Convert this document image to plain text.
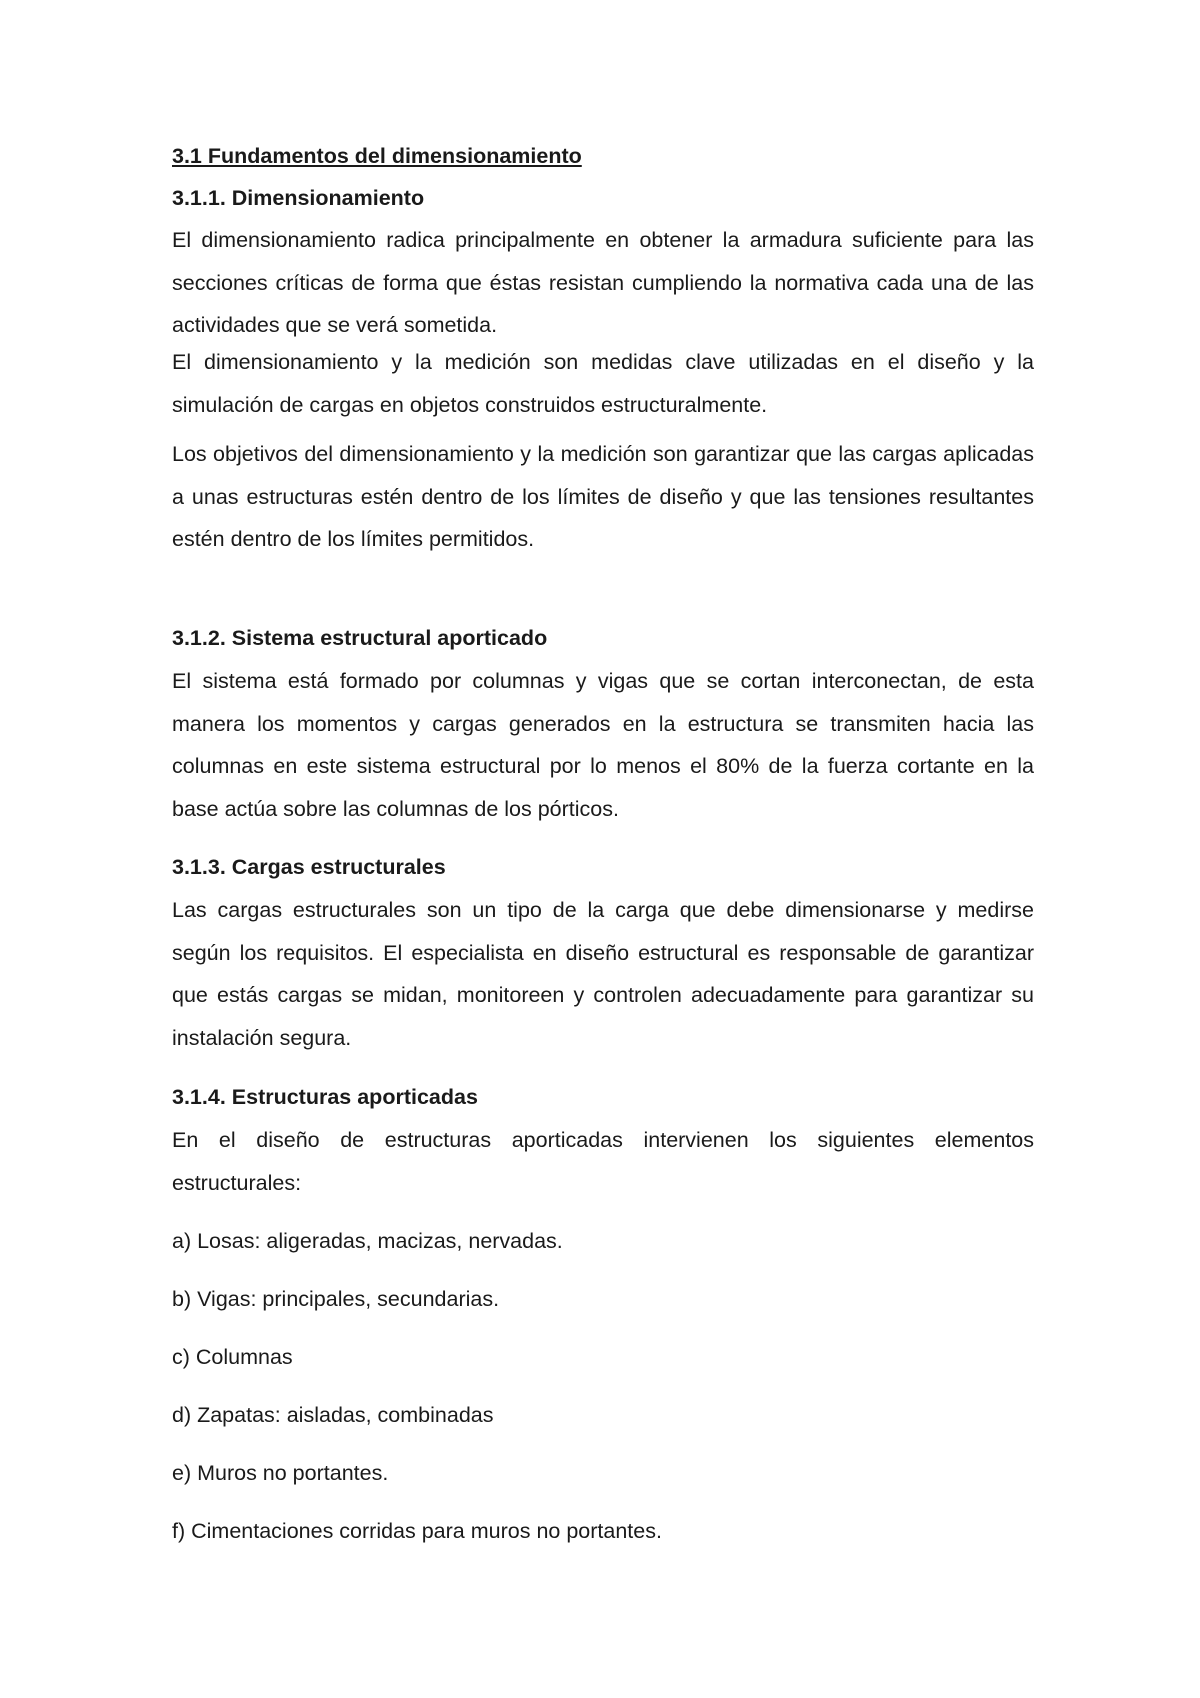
3.1 Fundamentos del dimensionamiento
3.1.1. Dimensionamiento

El dimensionamiento radica principalmente en obtener la armadura suficiente para las secciones críticas de forma que éstas resistan cumpliendo la normativa cada una de las actividades que se verá sometida.

El dimensionamiento y la medición son medidas clave utilizadas en el diseño y la simulación de cargas en objetos construidos estructuralmente.

Los objetivos del dimensionamiento y la medición son garantizar que las cargas aplicadas a unas estructuras estén dentro de los límites de diseño y que las tensiones resultantes estén dentro de los límites permitidos.

3.1.2. Sistema estructural aporticado

El sistema está formado por columnas y vigas que se cortan interconectan, de esta manera los momentos y cargas generados en la estructura se transmiten hacia las columnas en este sistema estructural por lo menos el 80% de la fuerza cortante en la base actúa sobre las columnas de los pórticos.

3.1.3. Cargas estructurales

Las cargas estructurales son un tipo de la carga que debe dimensionarse y medirse según los requisitos. El especialista en diseño estructural es responsable de garantizar que estás cargas se midan, monitoreen y controlen adecuadamente para garantizar su instalación segura.

3.1.4. Estructuras aporticadas

En el diseño de estructuras aporticadas intervienen los siguientes elementos estructurales:

a) Losas: aligeradas, macizas, nervadas.

b) Vigas: principales, secundarias.

c) Columnas

d) Zapatas: aisladas, combinadas

e) Muros no portantes.

f) Cimentaciones corridas para muros no portantes.
